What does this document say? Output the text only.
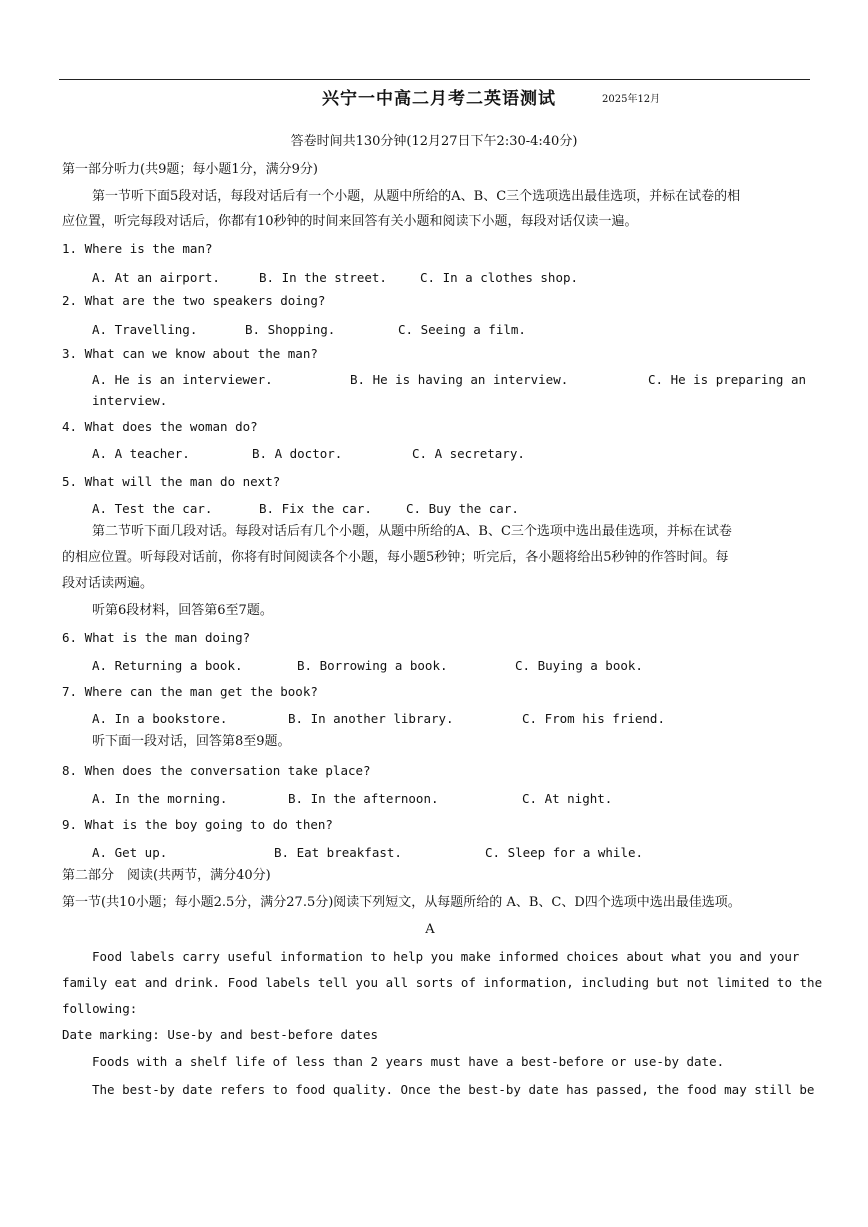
兴宁一中高二月考二英语测试	2025年12月
答卷时间共130分钟(12月27日下午2:30-4:40分)
第一部分听力(共9题；每小题1分，满分9分)
第一节听下面5段对话，每段对话后有一个小题，从题中所给的A、B、C三个选项选出最佳选项，并标在试卷的相
应位置，听完每段对话后，你都有10秒钟的时间来回答有关小题和阅读下小题，每段对话仅读一遍。
1. Where is the man?
A. At an airport.	B. In the street.	C. In a clothes shop.
2. What are the two speakers doing?
A. Travelling.	B. Shopping.	C. Seeing a film.
3. What can we know about the man?
A. He is an interviewer.	B. He is having an interview.	C. He is preparing an
interview.
4. What does the woman do?
A. A teacher.	B. A doctor.	C. A secretary.
5. What will the man do next?
A. Test the car.	B. Fix the car.	C. Buy the car.
第二节听下面几段对话。每段对话后有几个小题，从题中所给的A、B、C三个选项中选出最佳选项，并标在试卷
的相应位置。听每段对话前，你将有时间阅读各个小题，每小题5秒钟；听完后，各小题将给出5秒钟的作答时间。每
段对话读两遍。
听第6段材料，回答第6至7题。
6. What is the man doing?
A. Returning a book.	B. Borrowing a book.	C. Buying a book.
7. Where can the man get the book?
A. In a bookstore.	B. In another library.	C. From his friend.
听下面一段对话，回答第8至9题。
8. When does the conversation take place?
A. In the morning.	B. In the afternoon.	C. At night.
9. What is the boy going to do then?
A. Get up.	B. Eat breakfast.	C. Sleep for a while.
第二部分　阅读(共两节，满分40分)
第一节(共10小题；每小题2.5分，满分27.5分)阅读下列短文，从每题所给的 A、B、C、D四个选项中选出最佳选项。
A
Food labels carry useful information to help you make informed choices about what you and your
family eat and drink. Food labels tell you all sorts of information, including but not limited to the
following:
Date marking: Use-by and best-before dates
Foods with a shelf life of less than 2 years must have a best-before or use-by date.
The best-by date refers to food quality. Once the best-by date has passed, the food may still be
